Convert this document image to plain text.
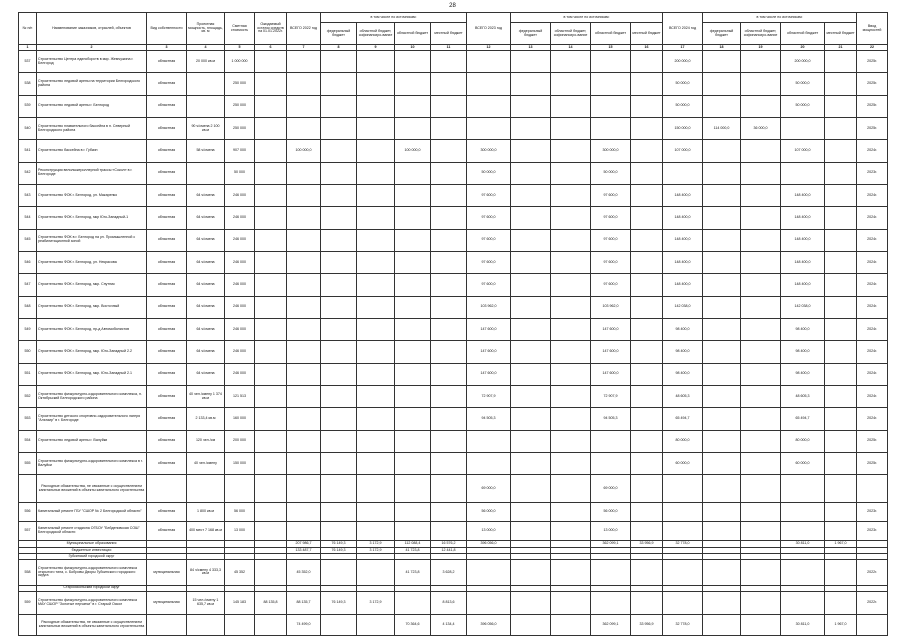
28
№ п/п	Наименование заказчиков, отраслей, объектов	Вид собственности	Проектная мощность, площадь, кв. м	Сметная стоимость	Ожидаемый остаток средств на 01.01.2022г.	ВСЕГО 2022 год	в том числе по источникам:				ВСЕГО 2023 год	в том числе по источникам:				ВСЕГО 2024 год	в том числе по источникам:				Ввод мощностей
							федеральный бюджет	областной бюджет, софинансиро-вание	областной бюджет	местный бюджет		федеральный бюджет	областной бюджет, софинансиро-вание	областной бюджет	местный бюджет		федеральный бюджет	областной бюджет, софинансиро-вание	областной бюджет	местный бюджет	
1	2	3	4	5	6	7	8	9	10	11	12	13	14	15	16	17	18	19	20	21	22
537	Строительство Центра единоборств в мкр. Жемчужина г. Белгород	областная	20 000 кв.м	1 000 000												200 000,0			200 000,0		2025г.
538	Строительство ледовой арены на территории Белгородского района	областная		250 000												50 000,0			50 000,0		2025г.
539	Строительство ледовой арены г. Белгород	областная		250 000												50 000,0			50 000,0		2025г.
540	Строительство плавательного бассейна в п. Северный Белгородского района	областная	90 ч/смена 2 100 кв.м	250 000												150 000,0	114 000,0	36 000,0			2025г.
541	Строительство бассейна в г. Губкин	областная	58 ч/смена	907 000		100 000,0			100 000,0		300 000,0			300 000,0		107 000,0			107 000,0		2024г.
542	Реконструкция велолыжероллерной трассы «Сокол» в г. Белгороде	областная		50 000							50 000,0			50 000,0							2023г.
543	Строительство ФОК г. Белгород, ул. Макаренко	областная	64 ч/смена	246 000							97 600,0			97 600,0		148 400,0			148 400,0		2024г.
544	Строительство ФОК г. Белгород, мкр Юго-Западный-1	областная	64 ч/смена	246 000							97 600,0			97 600,0		148 400,0			148 400,0		2024г.
545	Строительство ФОК в г. Белгород на ул. Промышленной с реабилитационной зоной	областная	64 ч/смена	246 000							97 600,0			97 600,0		148 400,0			148 400,0		2024г.
546	Строительство ФОК г. Белгород, ул. Некрасова	областная	64 ч/смена	246 000							97 600,0			97 600,0		148 400,0			148 400,0		2024г.
547	Строительство ФОК г. Белгород, мкр. Спутник	областная	64 ч/смена	246 000							97 600,0			97 600,0		148 400,0			148 400,0		2024г.
548	Строительство ФОК г. Белгород, мкр. Восточный	областная	64 ч/смена	246 000							103 962,0			103 962,0		142 038,0			142 038,0		2024г.
549	Строительство ФОК г. Белгород, пр-д Автомобилистов	областная	64 ч/смена	246 000							147 600,0			147 600,0		98 400,0			98 400,0		2024г.
550	Строительство ФОК г. Белгород, мкр. Юго-Западный 2.2	областная	64 ч/смена	246 000							147 600,0			147 600,0		98 400,0			98 400,0		2024г.
551	Строительство ФОК г. Белгород, мкр. Юго-Западный 2.1	областная	64 ч/смена	246 000							147 600,0			147 600,0		98 400,0			98 400,0		2024г.
552	Строительство физкультурно-оздоровительного комплекса, п. Октябрьский Белгородского района	областная	40 чел./смену 1 374 кв.м	121 513							72 907,9			72 907,9		48 605,3			48 605,3		2024г.
553	Строительство детского спортивно-оздоровительного лагеря "Альтаир" в г. Белгороде	областная	2 133,4 кв.м	160 000							94 505,3			94 505,3		65 494,7			65 494,7		2024г.
554	Строительство ледовой арены г. Валуйки	областная	120 чел./см	200 000												80 000,0			80 000,0		2025г.
555	Строительство физкультурно-оздоровительного комплекса в г. Валуйки	областная	40 чел./смену	150 000												60 000,0			60 000,0		2025г.
	Расходные обязательства, не связанные с осуществлением капитальных вложений в объекты капитального строительства										69 000,0			69 000,0							
556	Капитальный ремонт ГБУ "СШОР № 2 Белгородской области"	областная	1 800 кв.м	56 000							56 000,0			56 000,0							2023г.
557	Капитальный ремонт стадиона ОГБОУ "Бейденовская СОШ" Белгородской области	областная	400 мест 7 168 кв.м	13 000							13 000,0			13 000,0							2023г.
	Муниципальные образования					207 986,7	76 149,3	3 172,9	112 088,4	16 576,2	396 056,0			362 099,1	33 956,9	32 778,0			30 811,0	1 967,0	
	бюджетные инвестиции					133 487,7	76 149,3	3 172,9	41 723,8	12 441,8											
	Губкинский городской округ																				
558	Строительство физкультурно-оздоровительного комплекса открытого типа, с. Бобровы Дворы Губкинского городского округа	муниципальная	84 ч/смену 4 333,3 кв.м	45 352		45 352,0			41 723,8	3 628,2											2022г.
	Старооскольский городской округ																				
559	Строительство физкультурно-оздоровительного комплекса МАУ СШОР "Золотые перчатки" в г. Старый Оскол	муниципальная	15 чел./смену 1 635,7 кв.м	145 183	88 135,8	88 135,7	76 149,3	3 172,9		8 813,6											2022г.
	Расходные обязательства, не связанные с осуществлением капитальных вложений в объекты капитального строительства					74 499,0			70 364,6	4 134,4	396 056,0			362 099,1	33 956,9	32 778,0			30 811,0	1 967,0	
